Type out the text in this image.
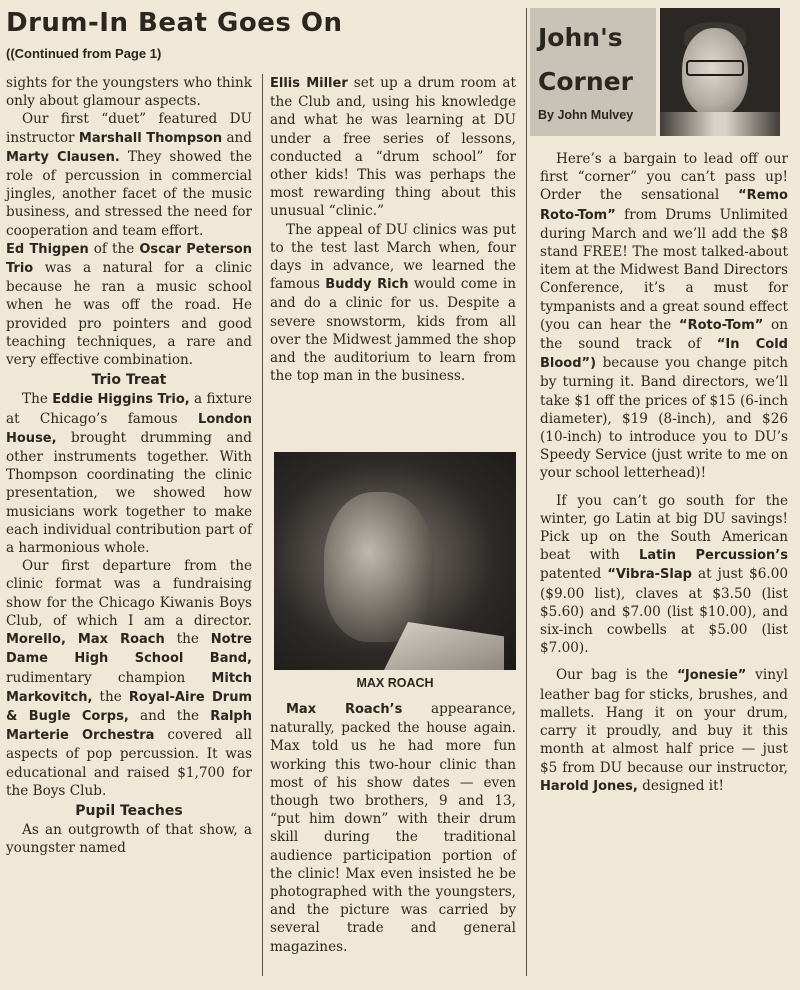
Drum-In Beat Goes On
((Continued from Page 1)

sights for the youngsters who think only about glamour aspects.

Our first “duet” featured DU instructor Marshall Thompson and Marty Clausen. They showed the role of percussion in commercial jingles, another facet of the music business, and stressed the need for cooperation and team effort.

Ed Thigpen of the Oscar Peterson Trio was a natural for a clinic because he ran a music school when he was off the road. He provided pro pointers and good teaching techniques, a rare and very effective combination.

Trio Treat

The Eddie Higgins Trio, a fixture at Chicago’s famous London House, brought drumming and other instruments together. With Thompson coordinating the clinic presentation, we showed how musicians work together to make each individual contribution part of a harmonious whole.

Our first departure from the clinic format was a fundraising show for the Chicago Kiwanis Boys Club, of which I am a director. Morello, Max Roach the Notre Dame High School Band, rudimentary champion Mitch Markovitch, the Royal-Aire Drum & Bugle Corps, and the Ralph Marterie Orchestra covered all aspects of pop percussion. It was educational and raised $1,700 for the Boys Club.

Pupil Teaches

As an outgrowth of that show, a youngster named

Ellis Miller set up a drum room at the Club and, using his knowledge and what he was learning at DU under a free series of lessons, conducted a “drum school” for other kids! This was perhaps the most rewarding thing about this unusual “clinic.”

The appeal of DU clinics was put to the test last March when, four days in advance, we learned the famous Buddy Rich would come in and do a clinic for us. Despite a severe snowstorm, kids from all over the Midwest jammed the shop and the auditorium to learn from the top man in the business.

MAX ROACH

Max Roach’s appearance, naturally, packed the house again. Max told us he had more fun working this two-hour clinic than most of his show dates — even though two brothers, 9 and 13, “put him down” with their drum skill during the traditional audience participation portion of the clinic! Max even insisted he be photographed with the youngsters, and the picture was carried by several trade and general magazines.

John's
Corner
By John Mulvey

Here’s a bargain to lead off our first “corner” you can’t pass up! Order the sensational “Remo Roto-Tom” from Drums Unlimited during March and we’ll add the $8 stand FREE! The most talked-about item at the Midwest Band Directors Conference, it’s a must for tympanists and a great sound effect (you can hear the “Roto-Tom” on the sound track of “In Cold Blood”) because you change pitch by turning it. Band directors, we’ll take $1 off the prices of $15 (6-inch diameter), $19 (8-inch), and $26 (10-inch) to introduce you to DU’s Speedy Service (just write to me on your school letterhead)!

If you can’t go south for the winter, go Latin at big DU savings! Pick up on the South American beat with Latin Percussion’s patented “Vibra-Slap at just $6.00 ($9.00 list), claves at $3.50 (list $5.60) and $7.00 (list $10.00), and six-inch cowbells at $5.00 (list $7.00).

Our bag is the “Jonesie” vinyl leather bag for sticks, brushes, and mallets. Hang it on your drum, carry it proudly, and buy it this month at almost half price — just $5 from DU because our instructor, Harold Jones, designed it!
